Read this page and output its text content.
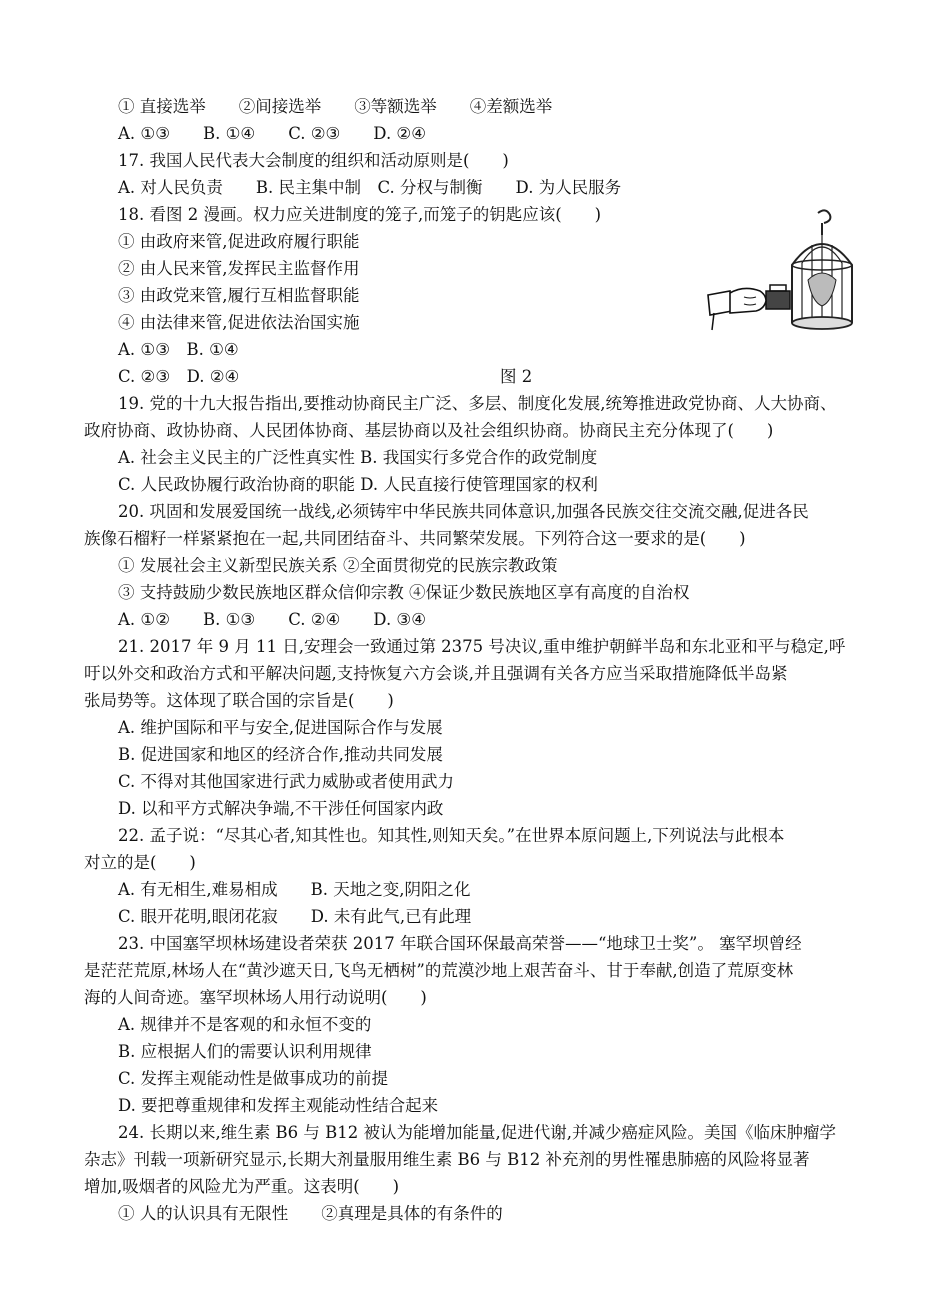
① 直接选举　　②间接选举　　③等额选举　　④差额选举
A. ①③　　B. ①④　　C. ②③　　D. ②④
17. 我国人民代表大会制度的组织和活动原则是(　　)
A. 对人民负责　　B. 民主集中制　C. 分权与制衡　　D. 为人民服务
18. 看图 2 漫画。权力应关进制度的笼子,而笼子的钥匙应该(　　)
① 由政府来管,促进政府履行职能
② 由人民来管,发挥民主监督作用
③ 由政党来管,履行互相监督职能
④ 由法律来管,促进依法治国实施
A. ①③　B. ①④
C. ②③　D. ②④	图 2
19. 党的十九大报告指出,要推动协商民主广泛、多层、制度化发展,统筹推进政党协商、人大协商、
政府协商、政协协商、人民团体协商、基层协商以及社会组织协商。协商民主充分体现了(　　)
A. 社会主义民主的广泛性真实性 B. 我国实行多党合作的政党制度
C. 人民政协履行政治协商的职能 D. 人民直接行使管理国家的权利
20. 巩固和发展爱国统一战线,必须铸牢中华民族共同体意识,加强各民族交往交流交融,促进各民
族像石榴籽一样紧紧抱在一起,共同团结奋斗、共同繁荣发展。下列符合这一要求的是(　　)
① 发展社会主义新型民族关系 ②全面贯彻党的民族宗教政策
③ 支持鼓励少数民族地区群众信仰宗教 ④保证少数民族地区享有高度的自治权
A. ①②　　B. ①③　　C. ②④　　D. ③④
21. 2017 年 9 月 11 日,安理会一致通过第 2375 号决议,重申维护朝鲜半岛和东北亚和平与稳定,呼
吁以外交和政治方式和平解决问题,支持恢复六方会谈,并且强调有关各方应当采取措施降低半岛紧
张局势等。这体现了联合国的宗旨是(　　)
A. 维护国际和平与安全,促进国际合作与发展
B. 促进国家和地区的经济合作,推动共同发展
C. 不得对其他国家进行武力威胁或者使用武力
D. 以和平方式解决争端,不干涉任何国家内政
22. 孟子说：“尽其心者,知其性也。知其性,则知天矣。”在世界本原问题上,下列说法与此根本
对立的是(　　)
A. 有无相生,难易相成　　B. 天地之变,阴阳之化
C. 眼开花明,眼闭花寂　　D. 未有此气,已有此理
23. 中国塞罕坝林场建设者荣获 2017 年联合国环保最高荣誉——“地球卫士奖”。 塞罕坝曾经
是茫茫荒原,林场人在“黄沙遮天日,飞鸟无栖树”的荒漠沙地上艰苦奋斗、甘于奉献,创造了荒原变林
海的人间奇迹。塞罕坝林场人用行动说明(　　)
A. 规律并不是客观的和永恒不变的
B. 应根据人们的需要认识利用规律
C. 发挥主观能动性是做事成功的前提
D. 要把尊重规律和发挥主观能动性结合起来
24. 长期以来,维生素 B6 与 B12 被认为能增加能量,促进代谢,并减少癌症风险。美国《临床肿瘤学
杂志》刊载一项新研究显示,长期大剂量服用维生素 B6 与 B12 补充剂的男性罹患肺癌的风险将显著
增加,吸烟者的风险尤为严重。这表明(　　)
① 人的认识具有无限性　　②真理是具体的有条件的
